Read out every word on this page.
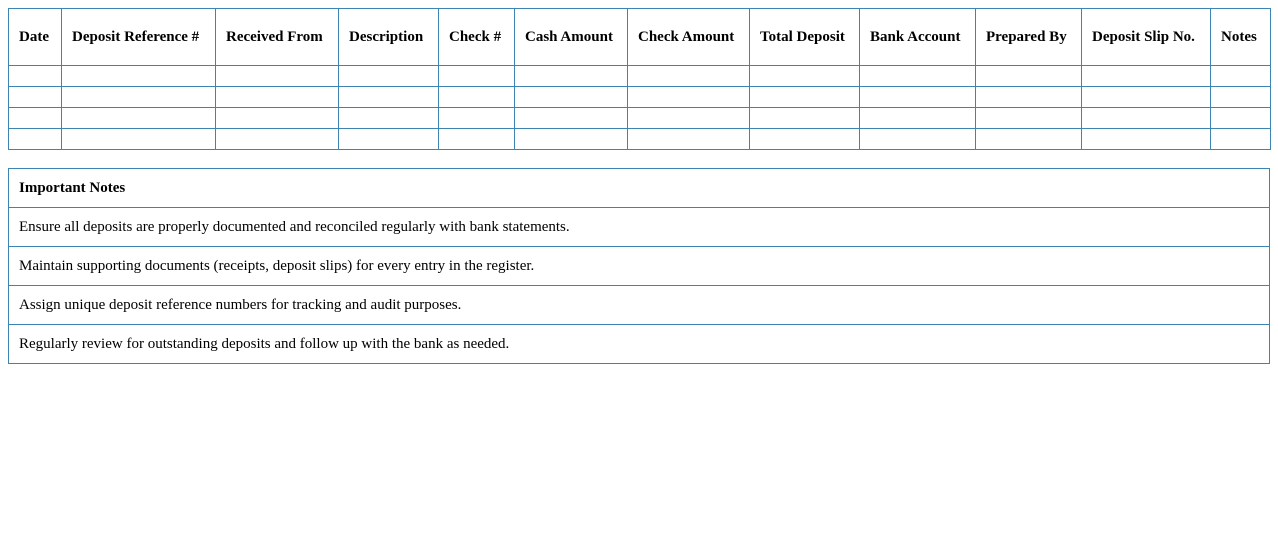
Date	Deposit Reference #	Received From	Description	Check #	Cash Amount	Check Amount	Total Deposit	Bank Account	Prepared By	Deposit Slip No.	Notes

Important Notes
Ensure all deposits are properly documented and reconciled regularly with bank statements.
Maintain supporting documents (receipts, deposit slips) for every entry in the register.
Assign unique deposit reference numbers for tracking and audit purposes.
Regularly review for outstanding deposits and follow up with the bank as needed.
